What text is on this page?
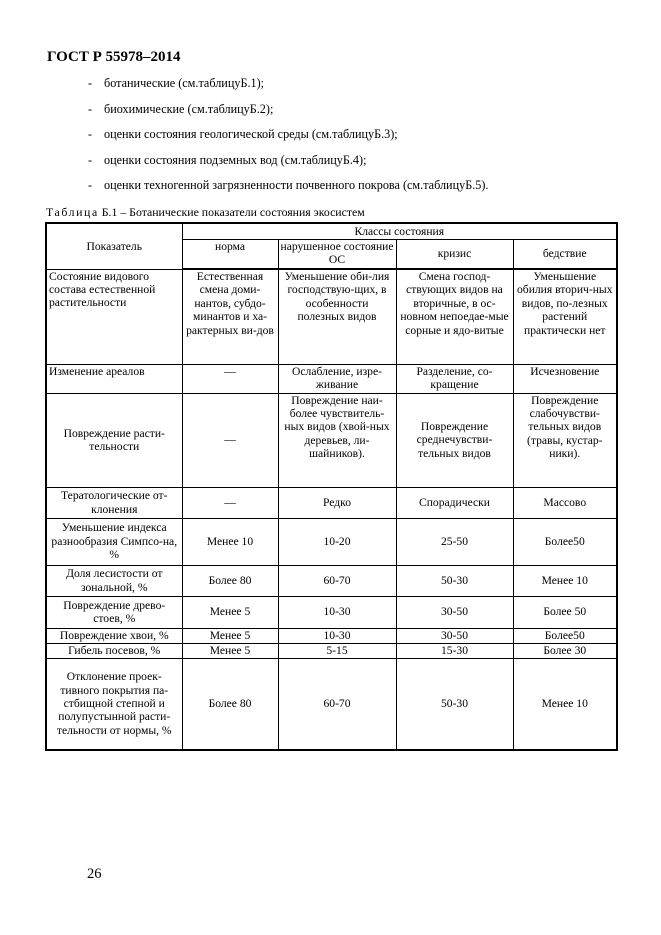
ГОСТ Р 55978–2014
- ботанические (см.таблицуБ.1);
- биохимические (см.таблицуБ.2);
- оценки состояния геологической среды (см.таблицуБ.3);
- оценки состояния подземных вод (см.таблицуБ.4);
- оценки техногенной загрязненности почвенного покрова (см.таблицуБ.5).
Таблица Б.1 – Ботанические показатели состояния экосистем
Показатель	Классы состояния			
	норма	нарушенное состояние ОС	кризис	бедствие
Состояние видового состава естественной растительности	Естественная смена доми-нантов, субдо-минантов и ха-рактерных ви-дов	Уменьшение оби-лия господствую-щих, в особенности полезных видов	Смена господ-ствующих видов на вторичные, в ос-новном непоедае-мые сорные и ядо-витые	Уменьшение обилия вторич-ных видов, по-лезных растений практически нет
Изменение ареалов	—	Ослабление, изре-живание	Разделение, со-кращение	Исчезновение
Повреждение расти-тельности	—	Повреждение наи-более чувствитель-ных видов (хвой-ных деревьев, ли-шайников).	Повреждение среднечувстви-тельных видов	Повреждение слабочувстви-тельных видов (травы, кустар-ники).
Тератологические от-клонения	—	Редко	Спорадически	Массово
Уменьшение индекса разнообразия Симпсо-на, %	Менее 10	10-20	25-50	Более50
Доля лесистости от зональной, %	Более 80	60-70	50-30	Менее 10
Повреждение древо-стоев, %	Менее 5	10-30	30-50	Более 50
Повреждение хвои, %	Менее 5	10-30	30-50	Более50
Гибель посевов, %	Менее 5	5-15	15-30	Более 30
Отклонение проек-тивного покрытия па-стбищной степной и полупустынной расти-тельности от нормы, %	Более 80	60-70	50-30	Менее 10
26
